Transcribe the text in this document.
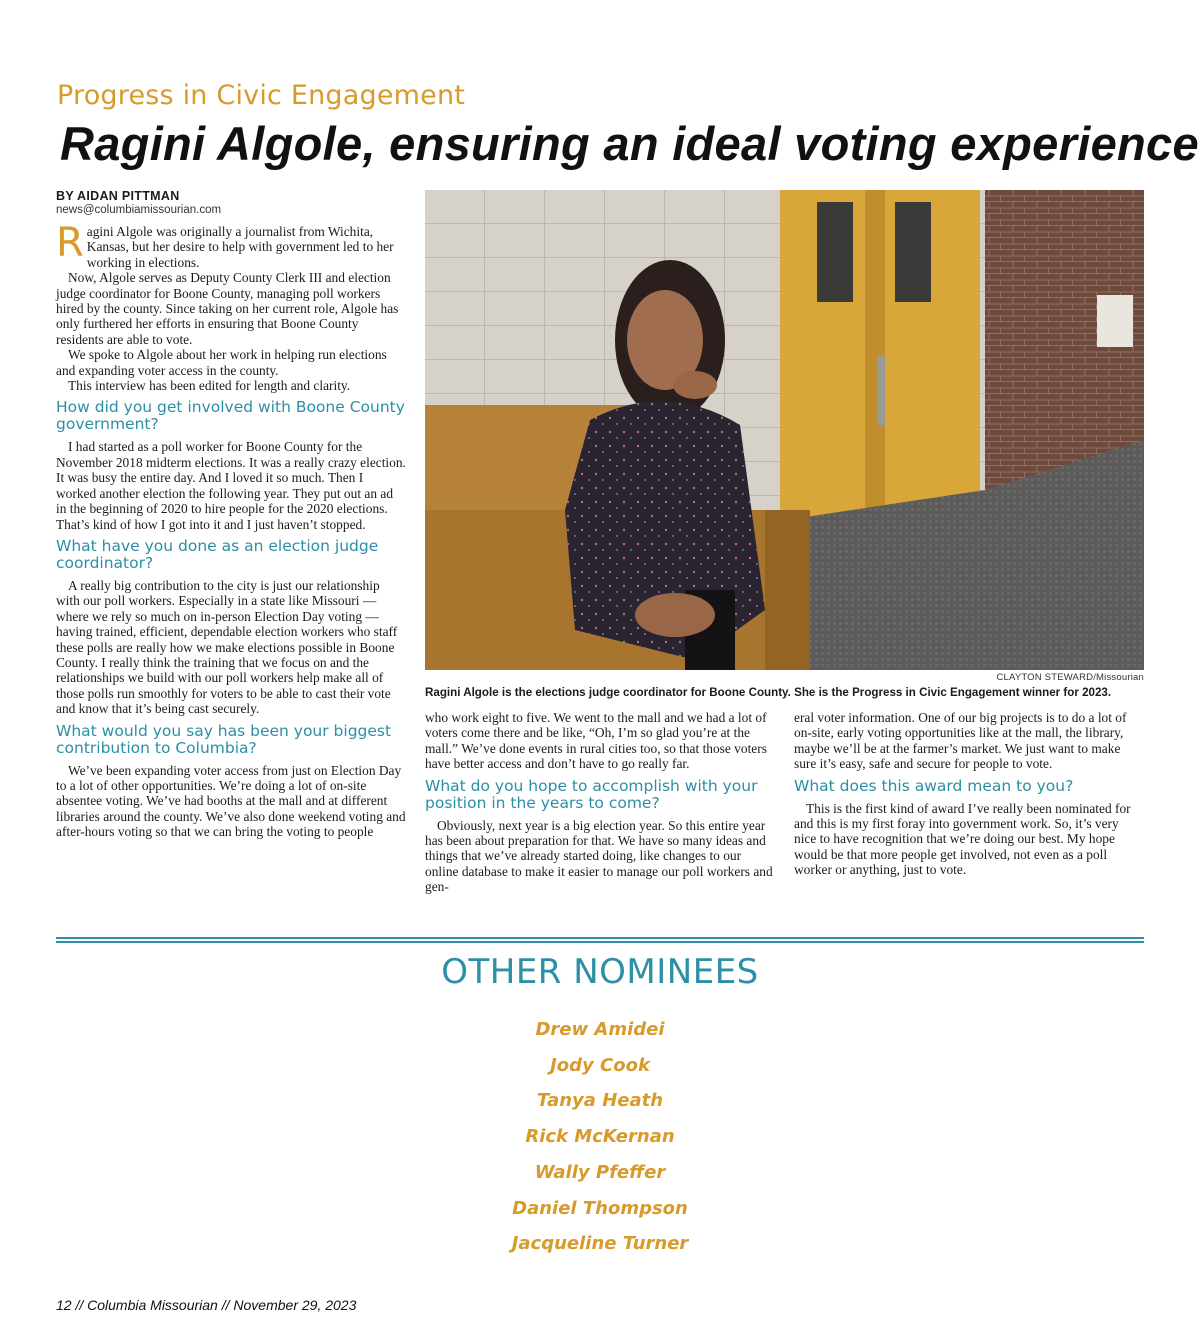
Progress in Civic Engagement
Ragini Algole, ensuring an ideal voting experience
BY AIDAN PITTMAN
news@columbiamissourian.com

Ragini Algole was originally a journalist from Wichita, Kansas, but her desire to help with government led to her working in elections.

Now, Algole serves as Deputy County Clerk III and election judge coordinator for Boone County, managing poll workers hired by the county. Since taking on her current role, Algole has only furthered her efforts in ensuring that Boone County residents are able to vote.

We spoke to Algole about her work in helping run elections and expanding voter access in the county.

This interview has been edited for length and clarity.

How did you get involved with Boone County government?

I had started as a poll worker for Boone County for the November 2018 midterm elections. It was a really crazy election. It was busy the entire day. And I loved it so much. Then I worked another election the following year. They put out an ad in the beginning of 2020 to hire people for the 2020 elections. That’s kind of how I got into it and I just haven’t stopped.

What have you done as an election judge coordinator?

A really big contribution to the city is just our relationship with our poll workers. Especially in a state like Missouri — where we rely so much on in-person Election Day voting — having trained, efficient, dependable election workers who staff these polls are really how we make elections possible in Boone County. I really think the training that we focus on and the relationships we build with our poll workers help make all of those polls run smoothly for voters to be able to cast their vote and know that it’s being cast securely.

What would you say has been your biggest contribution to Columbia?

We’ve been expanding voter access from just on Election Day to a lot of other opportunities. We’re doing a lot of on-site absentee voting. We’ve had booths at the mall and at different libraries around the county. We’ve also done weekend voting and after-hours voting so that we can bring the voting to people

CLAYTON STEWARD/Missourian
Ragini Algole is the elections judge coordinator for Boone County. She is the Progress in Civic Engagement winner for 2023.

who work eight to five. We went to the mall and we had a lot of voters come there and be like, “Oh, I’m so glad you’re at the mall.” We’ve done events in rural cities too, so that those voters have better access and don’t have to go really far.

What do you hope to accomplish with your position in the years to come?

Obviously, next year is a big election year. So this entire year has been about preparation for that. We have so many ideas and things that we’ve already started doing, like changes to our online database to make it easier to manage our poll workers and gen-

eral voter information. One of our big projects is to do a lot of on-site, early voting opportunities like at the mall, the library, maybe we’ll be at the farmer’s market. We just want to make sure it’s easy, safe and secure for people to vote.

What does this award mean to you?

This is the first kind of award I’ve really been nominated for and this is my first foray into government work. So, it’s very nice to have recognition that we’re doing our best. My hope would be that more people get involved, not even as a poll worker or anything, just to vote.

OTHER NOMINEES
Drew Amidei
Jody Cook
Tanya Heath
Rick McKernan
Wally Pfeffer
Daniel Thompson
Jacqueline Turner
12 // Columbia Missourian // November 29, 2023
